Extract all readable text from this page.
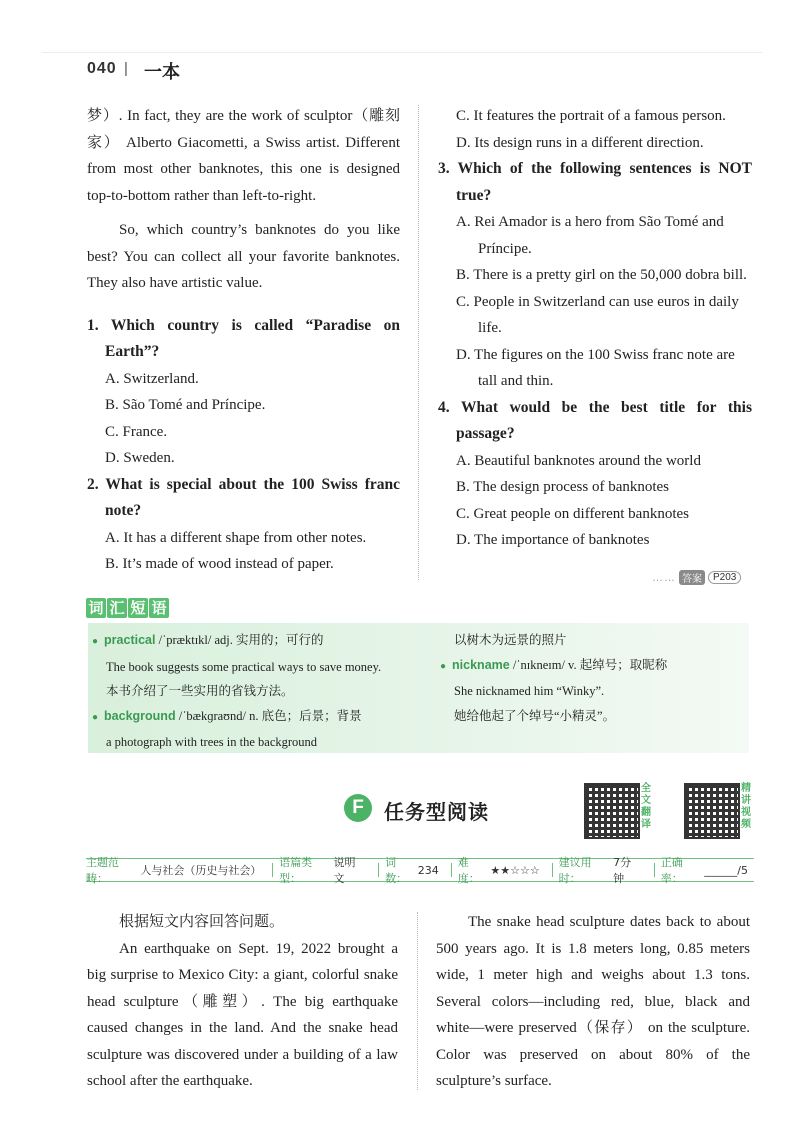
040 | 一本

梦）. In fact, they are the work of sculptor（雕刻家） Alberto Giacometti, a Swiss artist. Different from most other banknotes, this one is designed top-to-bottom rather than left-to-right.

So, which country’s banknotes do you like best? You can collect all your favorite banknotes. They also have artistic value.

1. Which country is called “Paradise on Earth”?

A. Switzerland.

B. São Tomé and Príncipe.

C. France.

D. Sweden.

2. What is special about the 100 Swiss franc note?

A. It has a different shape from other notes.

B. It’s made of wood instead of paper.

C. It features the portrait of a famous person.

D. Its design runs in a different direction.

3. Which of the following sentences is NOT true?

A. Rei Amador is a hero from São Tomé and Príncipe.

B. There is a pretty girl on the 50,000 dobra bill.

C. People in Switzerland can use euros in daily life.

D. The figures on the 100 Swiss franc note are tall and thin.

4. What would be the best title for this passage?

A. Beautiful banknotes around the world

B. The design process of banknotes

C. Great people on different banknotes

D. The importance of banknotes

…… 答案	P203
词 汇 短 语
● practical /ˈpræktɪkl/ adj. 实用的；可行的
The book suggests some practical ways to save money.
本书介绍了一些实用的省钱方法。
● background /ˈbækɡraʊnd/ n. 底色；后景；背景
a photograph with trees in the background
以树木为远景的照片
● nickname /ˈnɪkneɪm/ v. 起绰号；取昵称
She nicknamed him “Winky”.
她给他起了个绰号“小精灵”。
F	任务型阅读
全文翻译
精讲视频
主题范畴：
人与社会（历史与社会）
语篇类型：
说明文
词数：
234
难度：
★★☆☆☆
建议用时：
7分钟
正确率：
______/5

根据短文内容回答问题。

An earthquake on Sept. 19, 2022 brought a big surprise to Mexico City: a giant, colorful snake head sculpture（雕塑）. The big earthquake caused changes in the land. And the snake head sculpture was discovered under a building of a law school after the earthquake.

The snake head sculpture dates back to about 500 years ago. It is 1.8 meters long, 0.85 meters wide, 1 meter high and weighs about 1.3 tons. Several colors—including red, blue, black and white—were preserved（保存） on the sculpture. Color was preserved on about 80% of the sculpture’s surface.
